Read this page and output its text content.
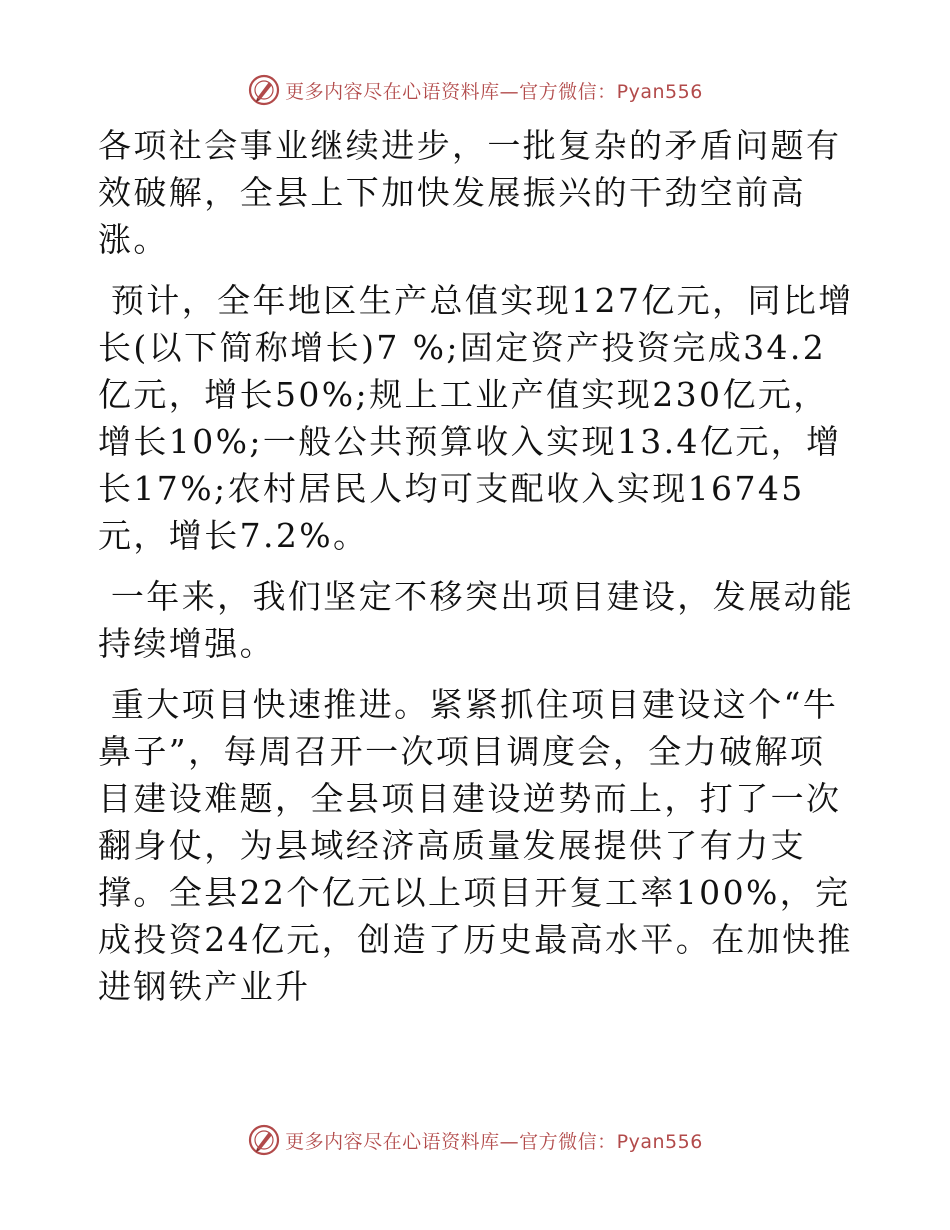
更多内容尽在心语资料库—官方微信：Pyan556

各项社会事业继续进步，一批复杂的矛盾问题有效破解，全县上下加快发展振兴的干劲空前高涨。

预计，全年地区生产总值实现127亿元，同比增长(以下简称增长)7 %;固定资产投资完成34.2亿元，增长50%;规上工业产值实现230亿元，增长10%;一般公共预算收入实现13.4亿元，增长17%;农村居民人均可支配收入实现16745元，增长7.2%。

一年来，我们坚定不移突出项目建设，发展动能持续增强。

重大项目快速推进。紧紧抓住项目建设这个“牛鼻子”，每周召开一次项目调度会，全力破解项目建设难题，全县项目建设逆势而上，打了一次翻身仗，为县域经济高质量发展提供了有力支撑。全县22个亿元以上项目开复工率100%，完成投资24亿元，创造了历史最高水平。在加快推进钢铁产业升

更多内容尽在心语资料库—官方微信：Pyan556
